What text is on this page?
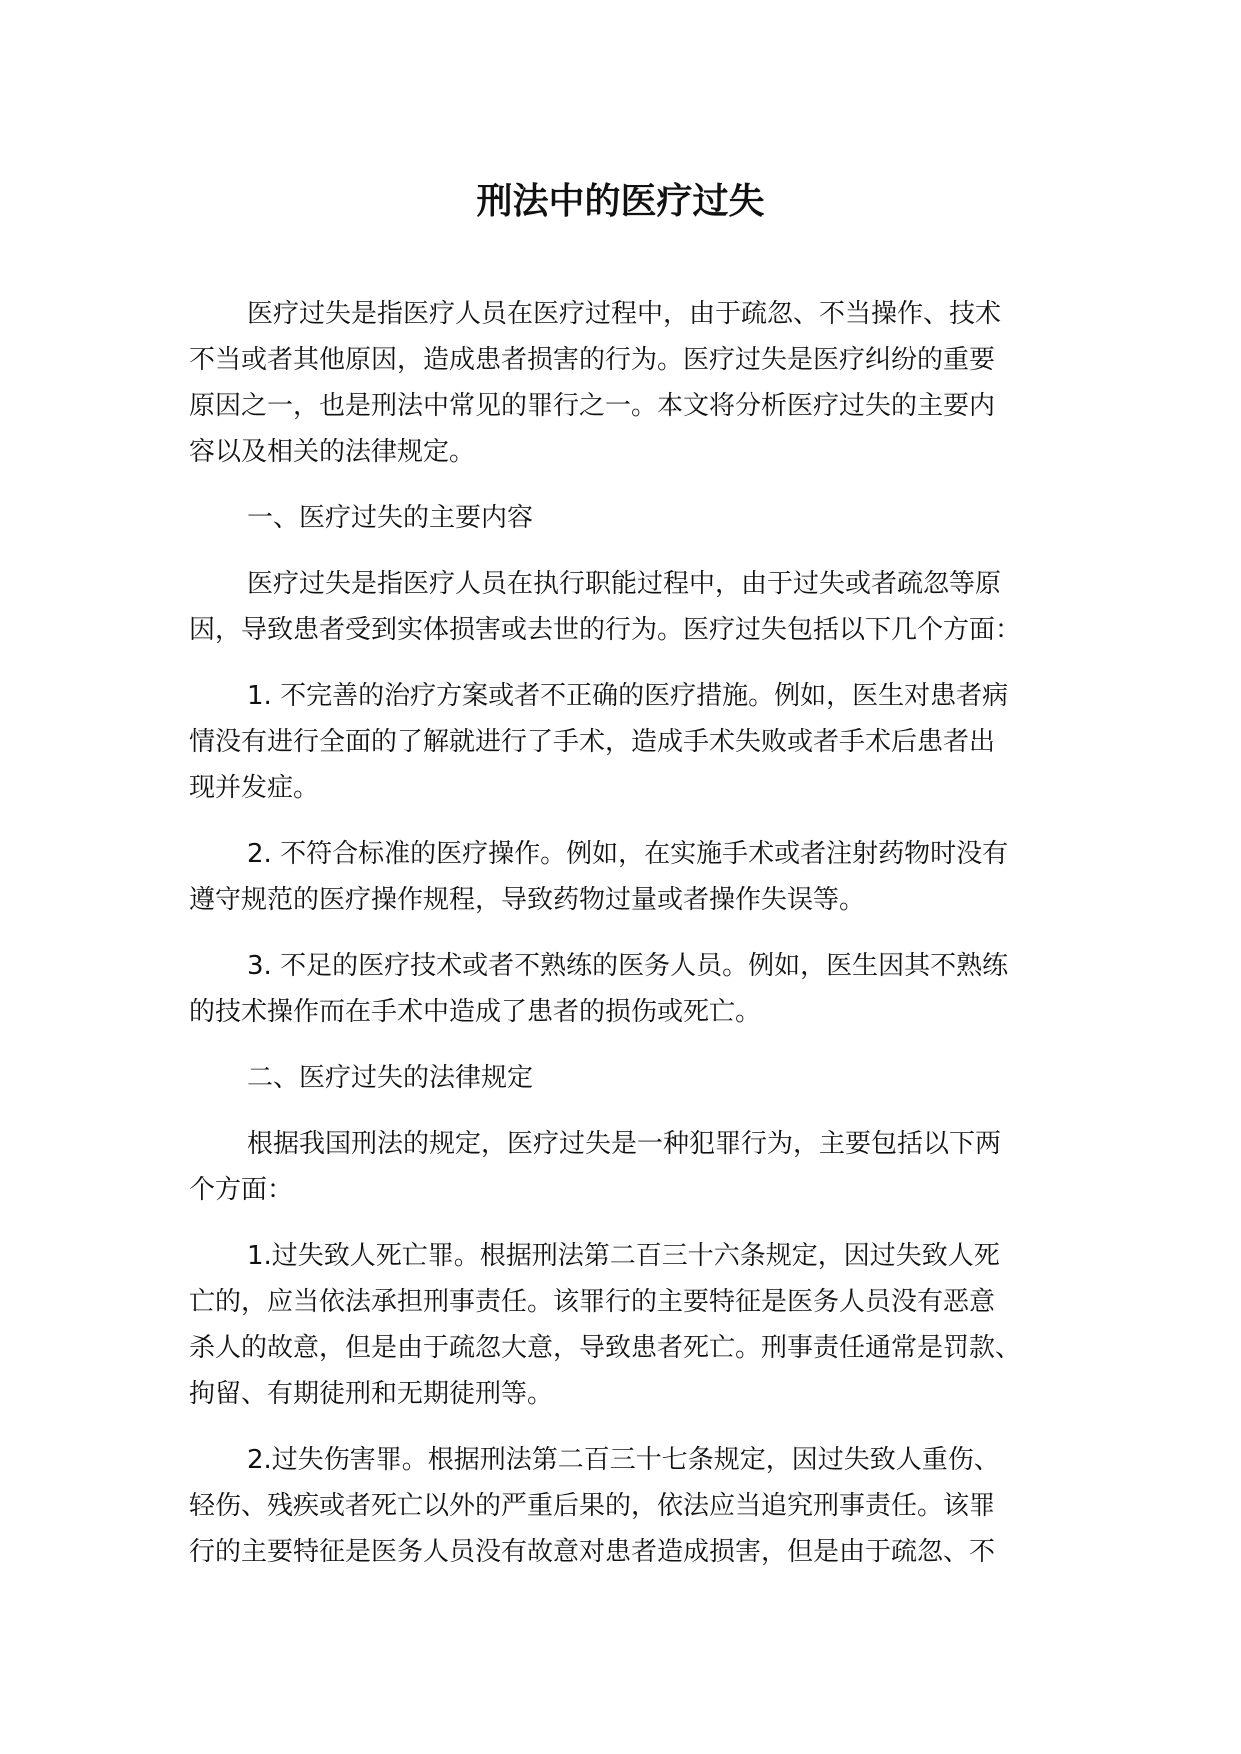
刑法中的医疗过失

医疗过失是指医疗人员在医疗过程中，由于疏忽、不当操作、技术
不当或者其他原因，造成患者损害的行为。医疗过失是医疗纠纷的重要
原因之一，也是刑法中常见的罪行之一。本文将分析医疗过失的主要内
容以及相关的法律规定。

一、医疗过失的主要内容

医疗过失是指医疗人员在执行职能过程中，由于过失或者疏忽等原
因，导致患者受到实体损害或去世的行为。医疗过失包括以下几个方面：

1. 不完善的治疗方案或者不正确的医疗措施。例如，医生对患者病
情没有进行全面的了解就进行了手术，造成手术失败或者手术后患者出
现并发症。

2. 不符合标准的医疗操作。例如，在实施手术或者注射药物时没有
遵守规范的医疗操作规程，导致药物过量或者操作失误等。

3. 不足的医疗技术或者不熟练的医务人员。例如，医生因其不熟练
的技术操作而在手术中造成了患者的损伤或死亡。

二、医疗过失的法律规定

根据我国刑法的规定，医疗过失是一种犯罪行为，主要包括以下两
个方面：

1.过失致人死亡罪。根据刑法第二百三十六条规定，因过失致人死
亡的，应当依法承担刑事责任。该罪行的主要特征是医务人员没有恶意
杀人的故意，但是由于疏忽大意，导致患者死亡。刑事责任通常是罚款、
拘留、有期徒刑和无期徒刑等。

2.过失伤害罪。根据刑法第二百三十七条规定，因过失致人重伤、
轻伤、残疾或者死亡以外的严重后果的，依法应当追究刑事责任。该罪
行的主要特征是医务人员没有故意对患者造成损害，但是由于疏忽、不
